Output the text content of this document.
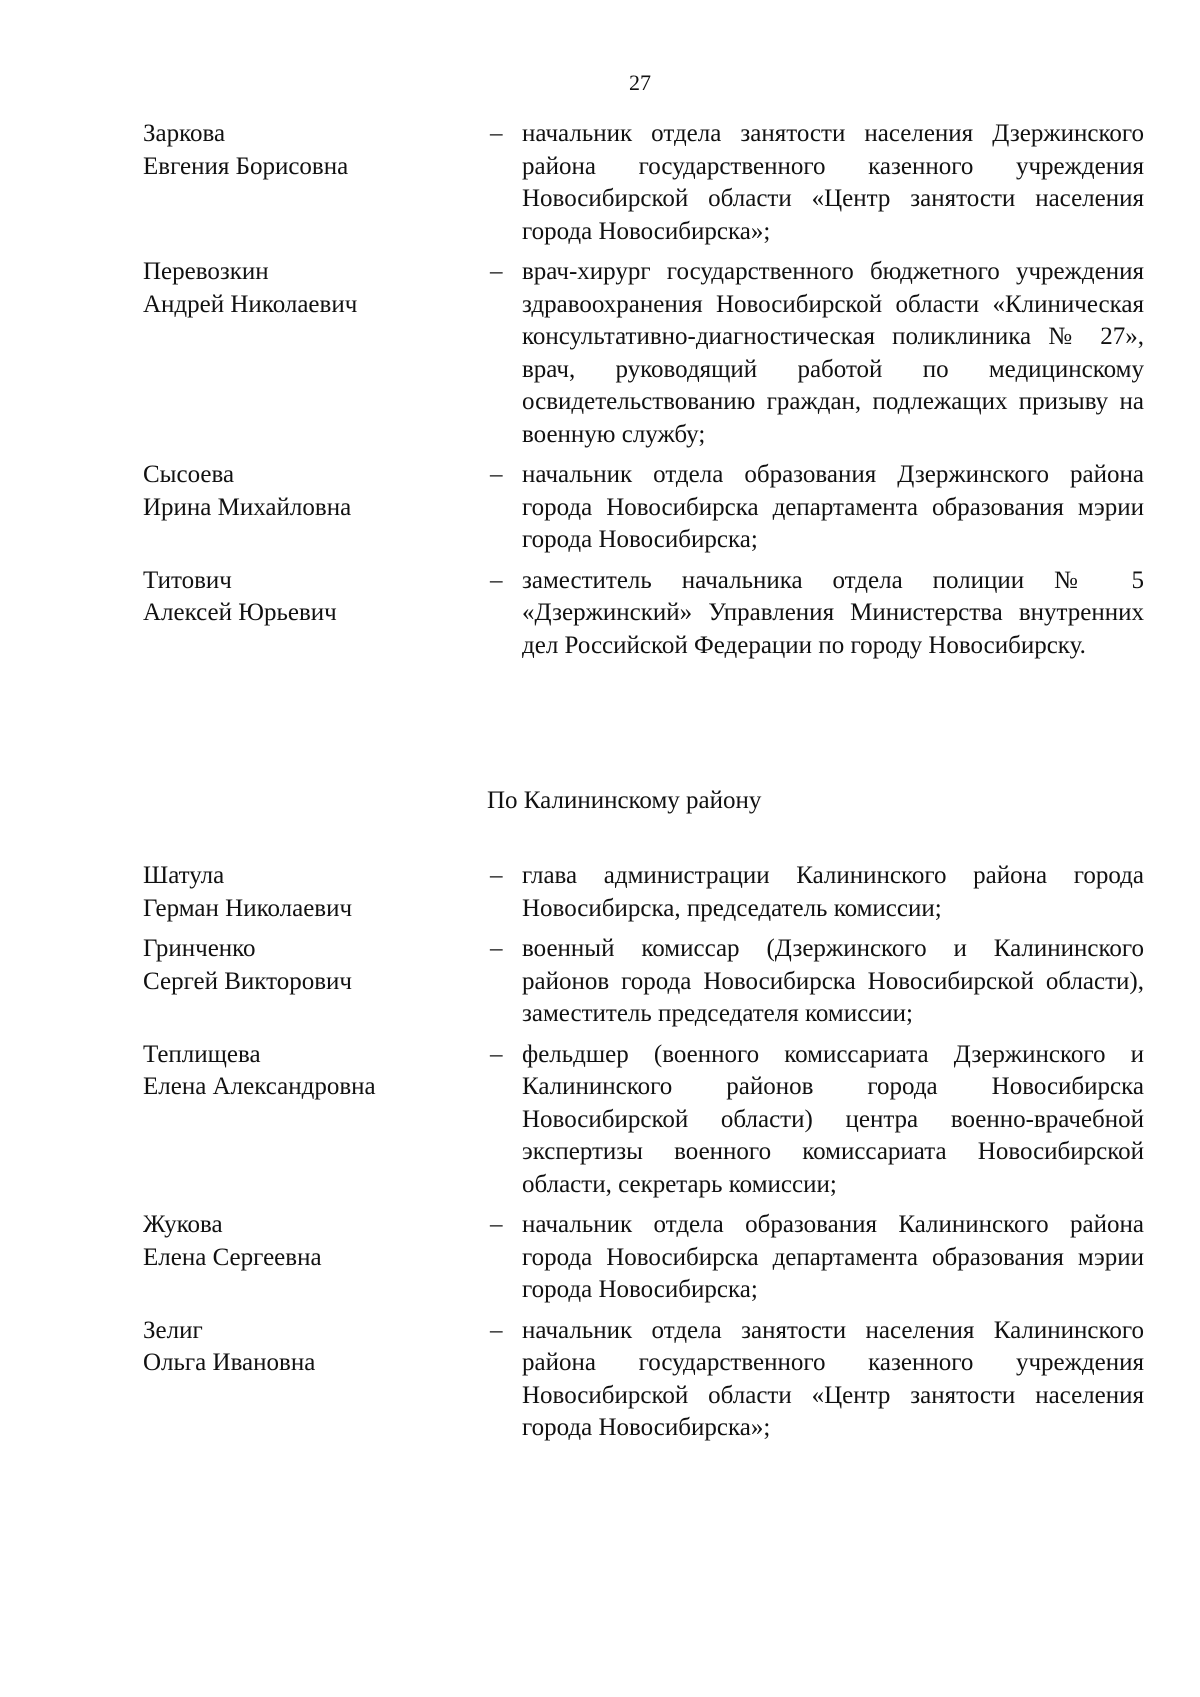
27
Заркова
Евгения Борисовна
– начальник отдела занятости населения Дзержинского района государственного казенного учреждения Новосибирской области «Центр занятости населения города Новосибирска»;
Перевозкин
Андрей Николаевич
– врач-хирург государственного бюджетного учреждения здравоохранения Новосибирской области «Клиническая консультативно-диагностическая поликлиника № 27», врач, руководящий работой по медицинскому освидетельствованию граждан, подлежащих призыву на военную службу;
Сысоева
Ирина Михайловна
– начальник отдела образования Дзержинского района города Новосибирска департамента образования мэрии города Новосибирска;
Титович
Алексей Юрьевич
– заместитель начальника отдела полиции № 5 «Дзержинский» Управления Министерства внутренних дел Российской Федерации по городу Новосибирску.
По Калининскому району
Шатула
Герман Николаевич
– глава администрации Калининского района города Новосибирска, председатель комиссии;
Гринченко
Сергей Викторович
– военный комиссар (Дзержинского и Калининского районов города Новосибирска Новосибирской области), заместитель председателя комиссии;
Теплищева
Елена Александровна
– фельдшер (военного комиссариата Дзержинского и Калининского районов города Новосибирска Новосибирской области) центра военно-врачебной экспертизы военного комиссариата Новосибирской области, секретарь комиссии;
Жукова
Елена Сергеевна
– начальник отдела образования Калининского района города Новосибирска департамента образования мэрии города Новосибирска;
Зелиг
Ольга Ивановна
– начальник отдела занятости населения Калининского района государственного казенного учреждения Новосибирской области «Центр занятости населения города Новосибирска»;
